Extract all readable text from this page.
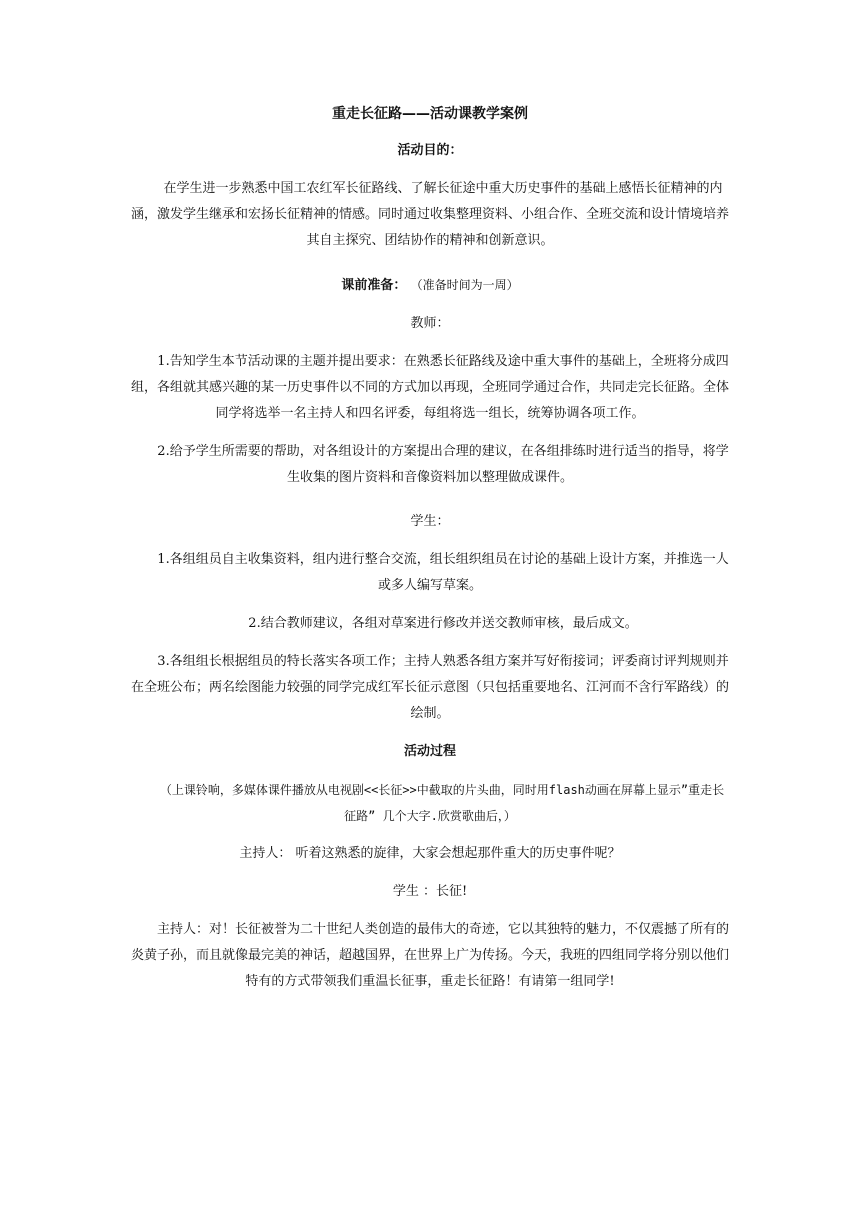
重走长征路——活动课教学案例
活动目的：
在学生进一步熟悉中国工农红军长征路线、了解长征途中重大历史事件的基础上感悟长征精神的内涵，激发学生继承和宏扬长征精神的情感。同时通过收集整理资料、小组合作、全班交流和设计情境培养其自主探究、团结协作的精神和创新意识。
课前准备： （准备时间为一周）
教师：
1.告知学生本节活动课的主题并提出要求：在熟悉长征路线及途中重大事件的基础上，全班将分成四组，各组就其感兴趣的某一历史事件以不同的方式加以再现，全班同学通过合作，共同走完长征路。全体同学将选举一名主持人和四名评委，每组将选一组长，统筹协调各项工作。
2.给予学生所需要的帮助，对各组设计的方案提出合理的建议，在各组排练时进行适当的指导，将学生收集的图片资料和音像资料加以整理做成课件。
学生：
1.各组组员自主收集资料，组内进行整合交流，组长组织组员在讨论的基础上设计方案，并推选一人或多人编写草案。
2.结合教师建议，各组对草案进行修改并送交教师审核，最后成文。
3.各组组长根据组员的特长落实各项工作；主持人熟悉各组方案并写好衔接词；评委商讨评判规则并在全班公布；两名绘图能力较强的同学完成红军长征示意图（只包括重要地名、江河而不含行军路线）的绘制。
活动过程
（上课铃响，多媒体课件播放从电视剧<<长征>>中截取的片头曲，同时用flash动画在屏幕上显示”重走长征路” 几个大字.欣赏歌曲后，）
主持人： 听着这熟悉的旋律，大家会想起那件重大的历史事件呢？
学生 ：长征!
主持人：对！长征被誉为二十世纪人类创造的最伟大的奇迹，它以其独特的魅力，不仅震撼了所有的炎黄子孙，而且就像最完美的神话，超越国界，在世界上广为传扬。今天，我班的四组同学将分别以他们特有的方式带领我们重温长征事，重走长征路！有请第一组同学!
